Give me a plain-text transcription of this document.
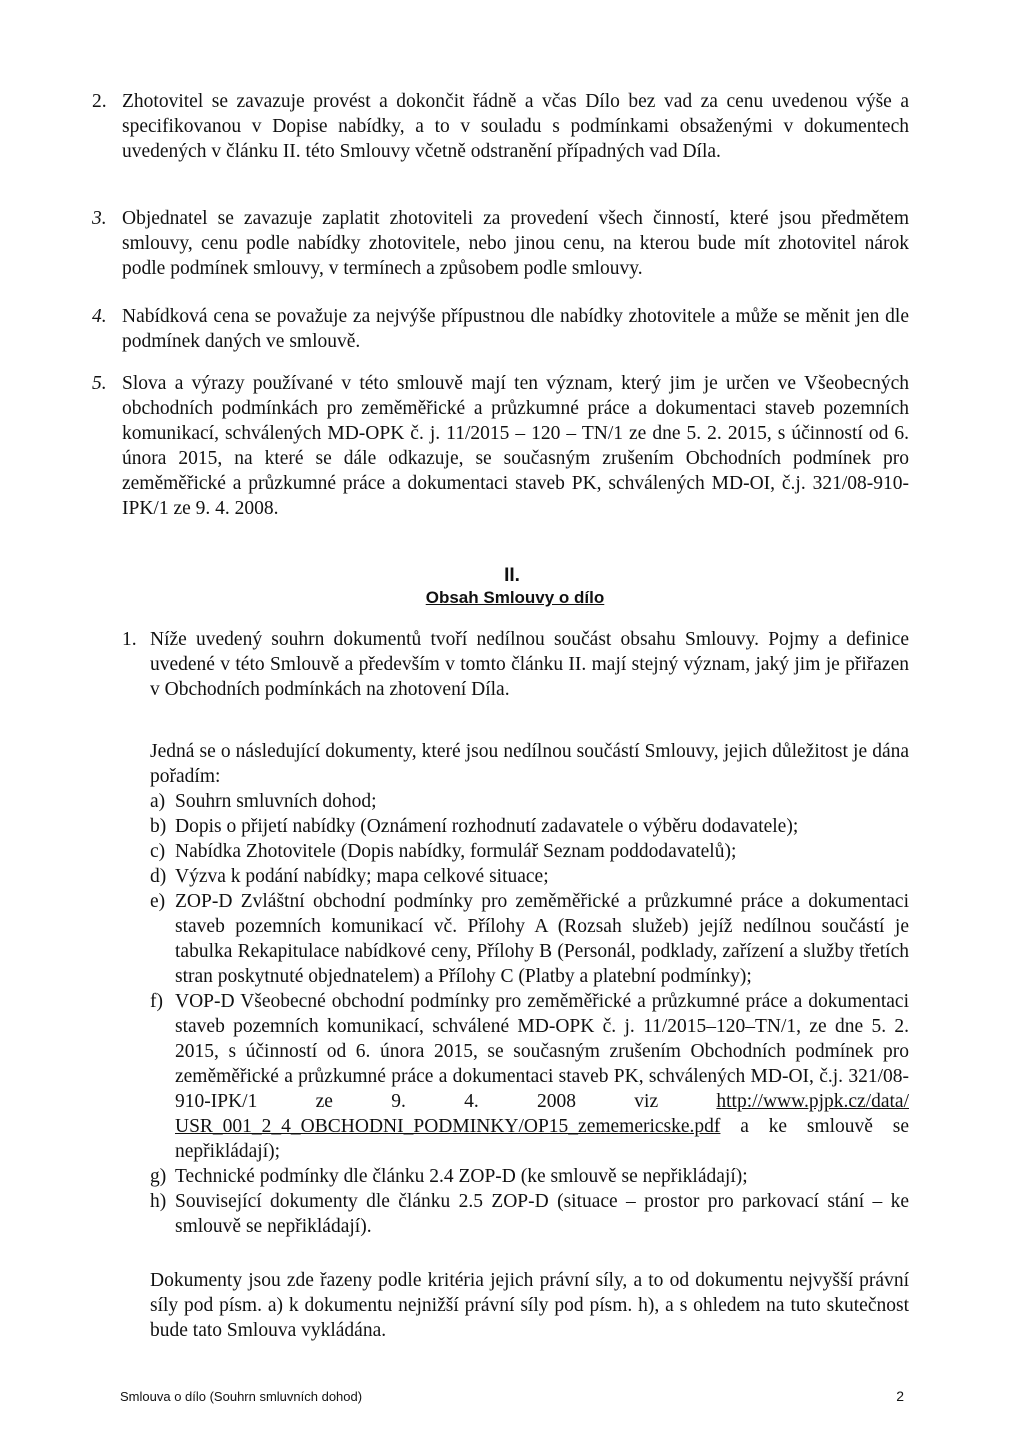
2. Zhotovitel se zavazuje provést a dokončit řádně a včas Dílo bez vad za cenu uvedenou výše a specifikovanou v Dopise nabídky, a to v souladu s podmínkami obsaženými v dokumentech uvedených v článku II. této Smlouvy včetně odstranění případných vad Díla.
3. Objednatel se zavazuje zaplatit zhotoviteli za provedení všech činností, které jsou předmětem smlouvy, cenu podle nabídky zhotovitele, nebo jinou cenu, na kterou bude mít zhotovitel nárok podle podmínek smlouvy, v termínech a způsobem podle smlouvy.
4. Nabídková cena se považuje za nejvýše přípustnou dle nabídky zhotovitele a může se měnit jen dle podmínek daných ve smlouvě.
5. Slova a výrazy používané v této smlouvě mají ten význam, který jim je určen ve Všeobecných obchodních podmínkách pro zeměměřické a průzkumné práce a dokumentaci staveb pozemních komunikací, schválených MD-OPK č. j. 11/2015 – 120 – TN/1 ze dne 5. 2. 2015, s účinností od 6. února 2015, na které se dále odkazuje, se současným zrušením Obchodních podmínek pro zeměměřické a průzkumné práce a dokumentaci staveb PK, schválených MD-OI, č.j. 321/08-910-IPK/1 ze 9. 4. 2008.
II.
Obsah Smlouvy o dílo
1. Níže uvedený souhrn dokumentů tvoří nedílnou součást obsahu Smlouvy. Pojmy a definice uvedené v této Smlouvě a především v tomto článku II. mají stejný význam, jaký jim je přiřazen v Obchodních podmínkách na zhotovení Díla.
Jedná se o následující dokumenty, které jsou nedílnou součástí Smlouvy, jejich důležitost je dána pořadím:
a) Souhrn smluvních dohod;
b) Dopis o přijetí nabídky (Oznámení rozhodnutí zadavatele o výběru dodavatele);
c) Nabídka Zhotovitele (Dopis nabídky, formulář Seznam poddodavatelů);
d) Výzva k podání nabídky; mapa celkové situace;
e) ZOP-D Zvláštní obchodní podmínky pro zeměměřické a průzkumné práce a dokumentaci staveb pozemních komunikací vč. Přílohy A (Rozsah služeb) jejíž nedílnou součástí je tabulka Rekapitulace nabídkové ceny, Přílohy B (Personál, podklady, zařízení a služby třetích stran poskytnuté objednatelem) a Přílohy C (Platby a platební podmínky);
f) VOP-D Všeobecné obchodní podmínky pro zeměměřické a průzkumné práce a dokumentaci staveb pozemních komunikací, schválené MD-OPK č. j. 11/2015–120–TN/1, ze dne 5. 2. 2015, s účinností od 6. února 2015, se současným zrušením Obchodních podmínek pro zeměměřické a průzkumné práce a dokumentaci staveb PK, schválených MD-OI, č.j. 321/08-910-IPK/1 ze 9. 4. 2008 viz http://www.pjpk.cz/data/ USR_001_2_4_OBCHODNI_PODMINKY/OP15_zememericske.pdf a ke smlouvě se nepřikládají);
g) Technické podmínky dle článku 2.4 ZOP-D (ke smlouvě se nepřikládají);
h) Související dokumenty dle článku 2.5 ZOP-D (situace – prostor pro parkovací stání – ke smlouvě se nepřikládají).
Dokumenty jsou zde řazeny podle kritéria jejich právní síly, a to od dokumentu nejvyšší právní síly pod písm. a) k dokumentu nejnižší právní síly pod písm. h), a s ohledem na tuto skutečnost bude tato Smlouva vykládána.
Smlouva o dílo (Souhrn smluvních dohod)	2
